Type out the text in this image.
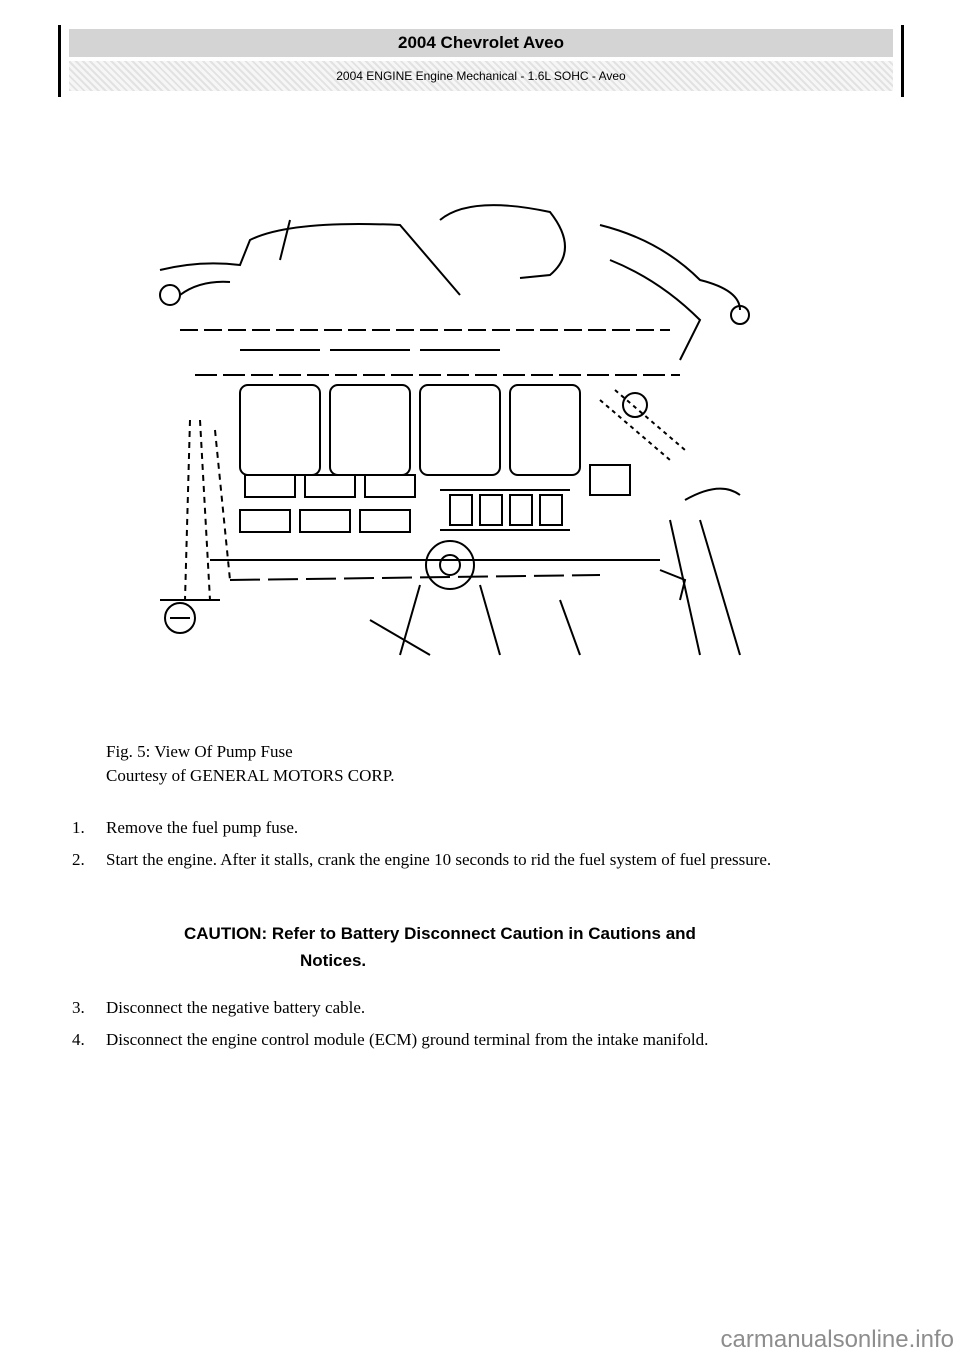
2004 Chevrolet Aveo
2004 ENGINE Engine Mechanical - 1.6L SOHC - Aveo
Fig. 5: View Of Pump Fuse
Courtesy of GENERAL MOTORS CORP.
1.	Remove the fuel pump fuse.
2.	Start the engine. After it stalls, crank the engine 10 seconds to rid the fuel system of fuel pressure.
CAUTION: Refer to Battery Disconnect Caution in Cautions and
Notices.
3.	Disconnect the negative battery cable.
4.	Disconnect the engine control module (ECM) ground terminal from the intake manifold.
carmanualsonline.info
